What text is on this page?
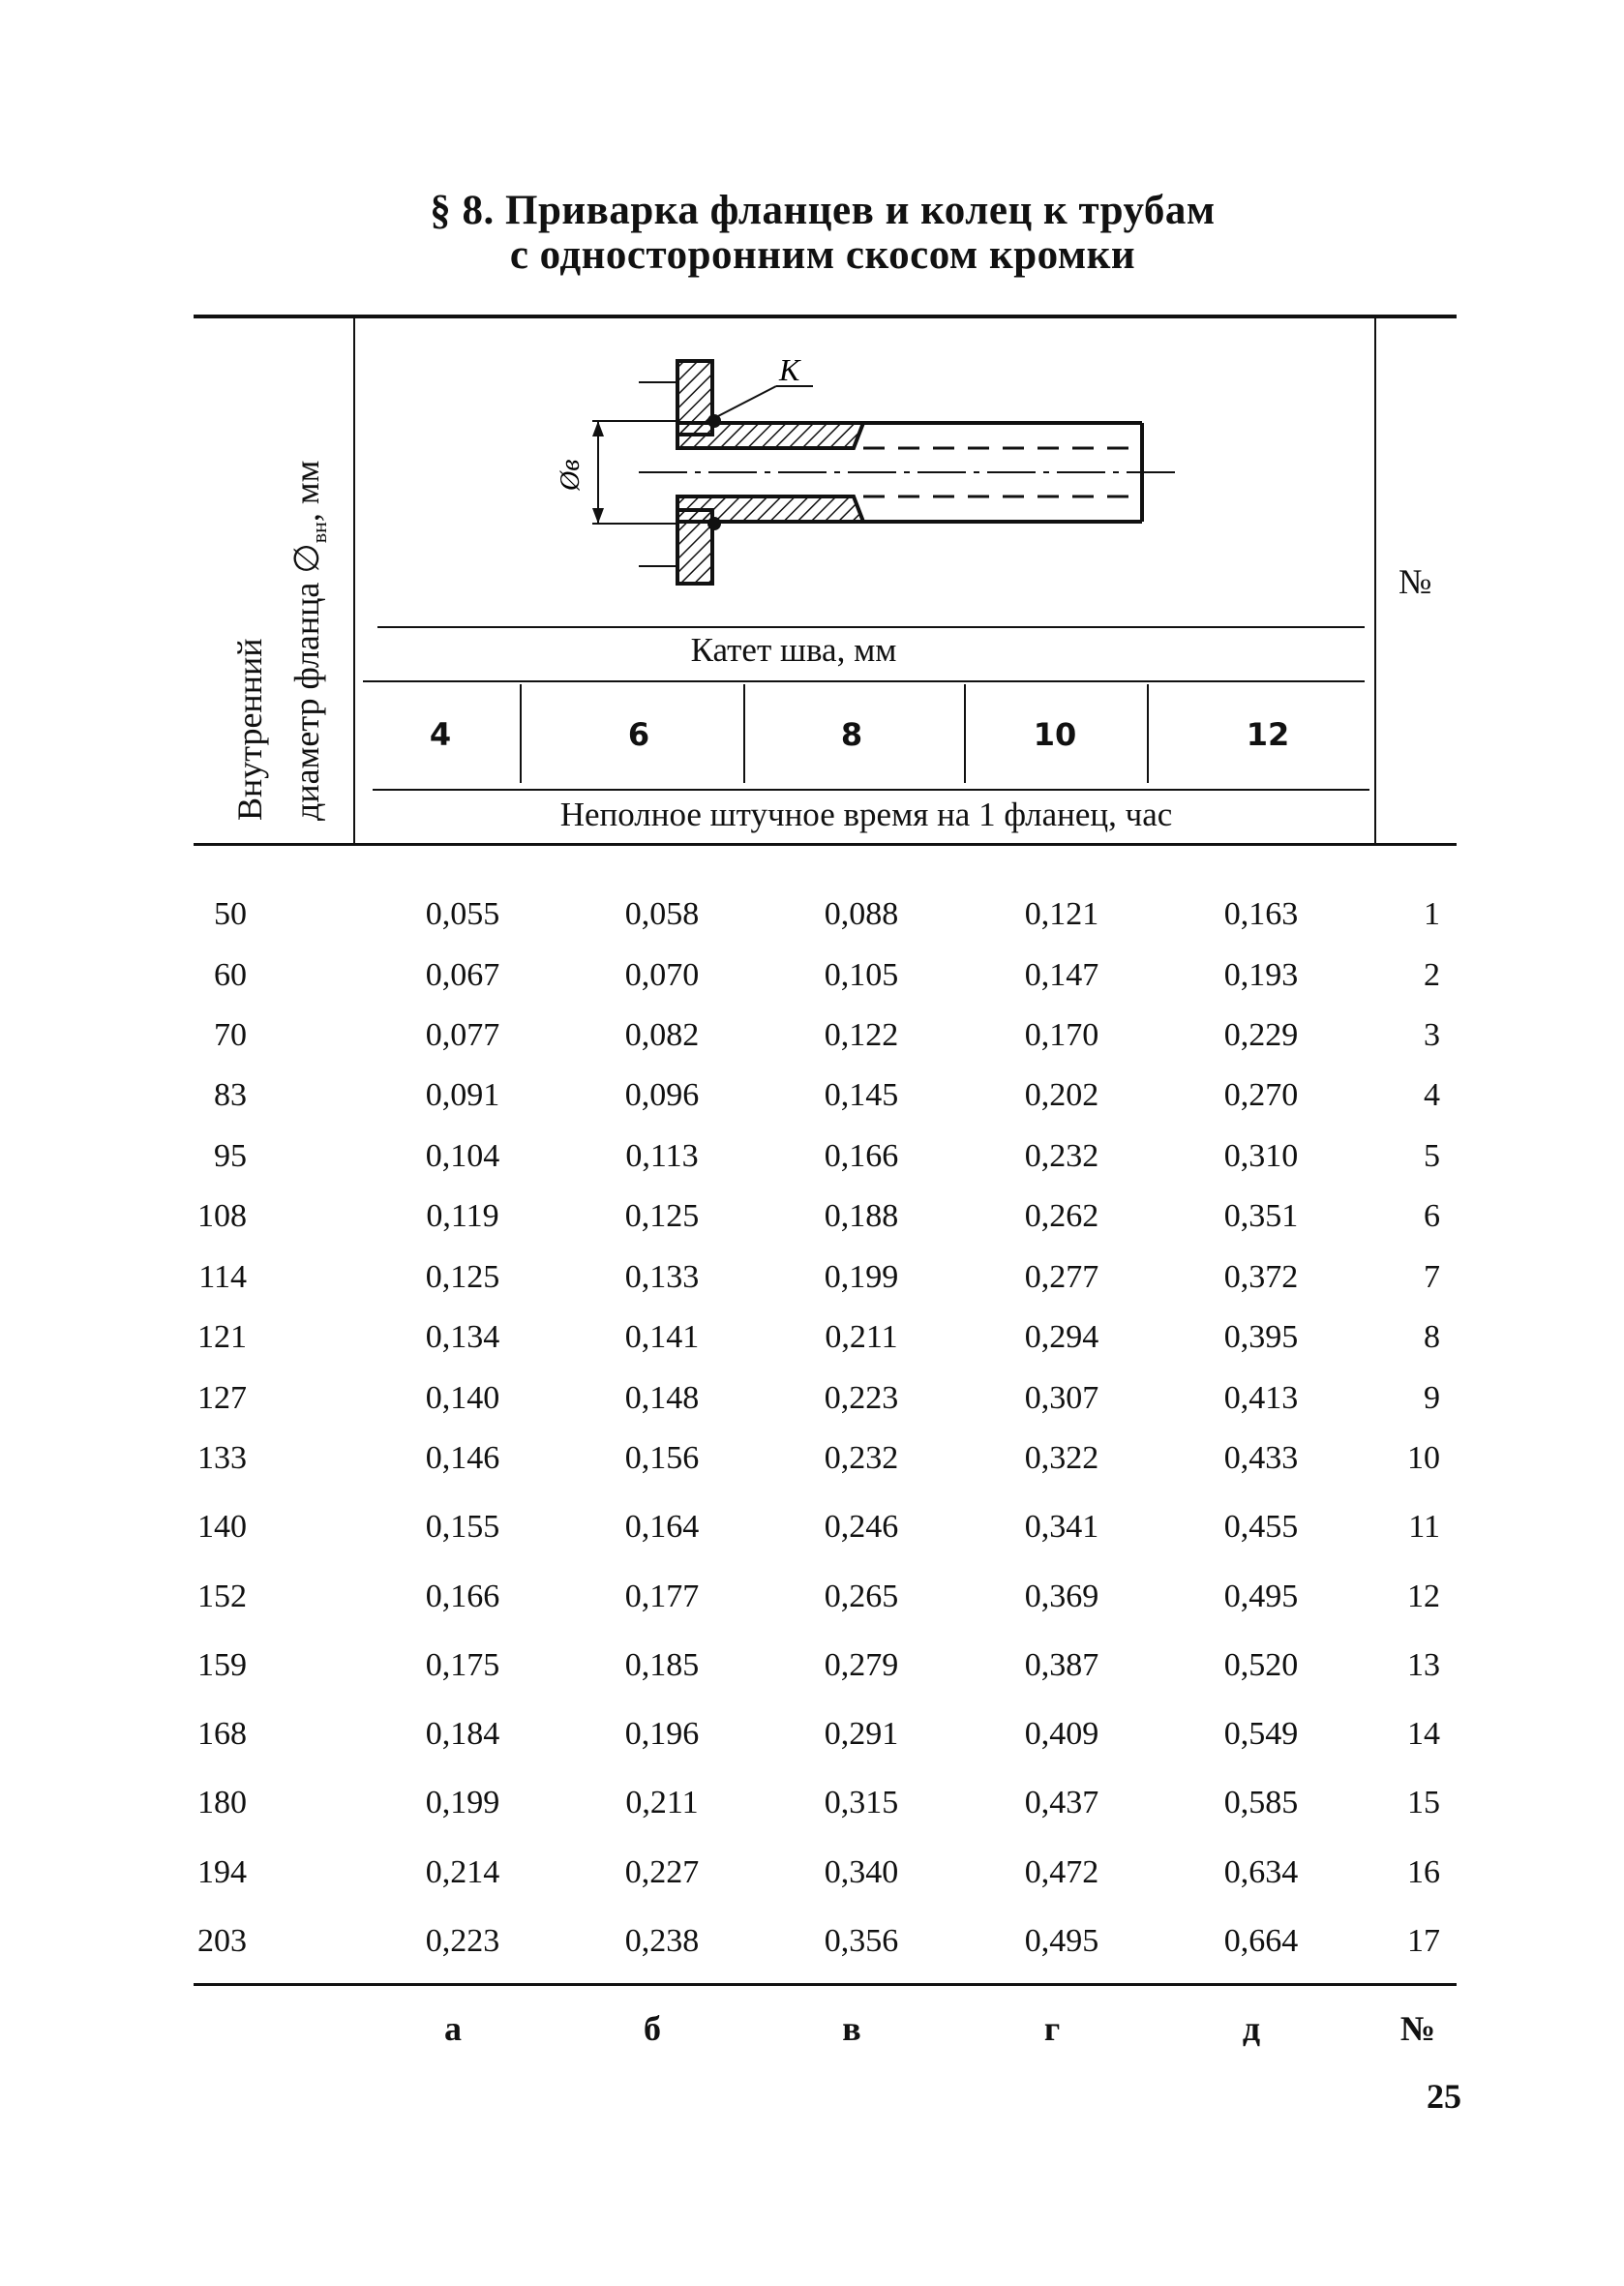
§ 8. Приварка фланцев и колец к трубам
с односторонним скосом кромки
Внутренний диаметр фланца $\emptyset_{вн}$, мм
К
Øв
Катет шва, мм
4	6	8	10	12
Неполное штучное время на 1 фланец, час
№
50	0,055	0,058	0,088	0,121	0,163	1
60	0,067	0,070	0,105	0,147	0,193	2
70	0,077	0,082	0,122	0,170	0,229	3
83	0,091	0,096	0,145	0,202	0,270	4
95	0,104	0,113	0,166	0,232	0,310	5
108	0,119	0,125	0,188	0,262	0,351	6
114	0,125	0,133	0,199	0,277	0,372	7
121	0,134	0,141	0,211	0,294	0,395	8
127	0,140	0,148	0,223	0,307	0,413	9
133	0,146	0,156	0,232	0,322	0,433	10
140	0,155	0,164	0,246	0,341	0,455	11
152	0,166	0,177	0,265	0,369	0,495	12
159	0,175	0,185	0,279	0,387	0,520	13
168	0,184	0,196	0,291	0,409	0,549	14
180	0,199	0,211	0,315	0,437	0,585	15
194	0,214	0,227	0,340	0,472	0,634	16
203	0,223	0,238	0,356	0,495	0,664	17
а	б	в	г	д	№
25
